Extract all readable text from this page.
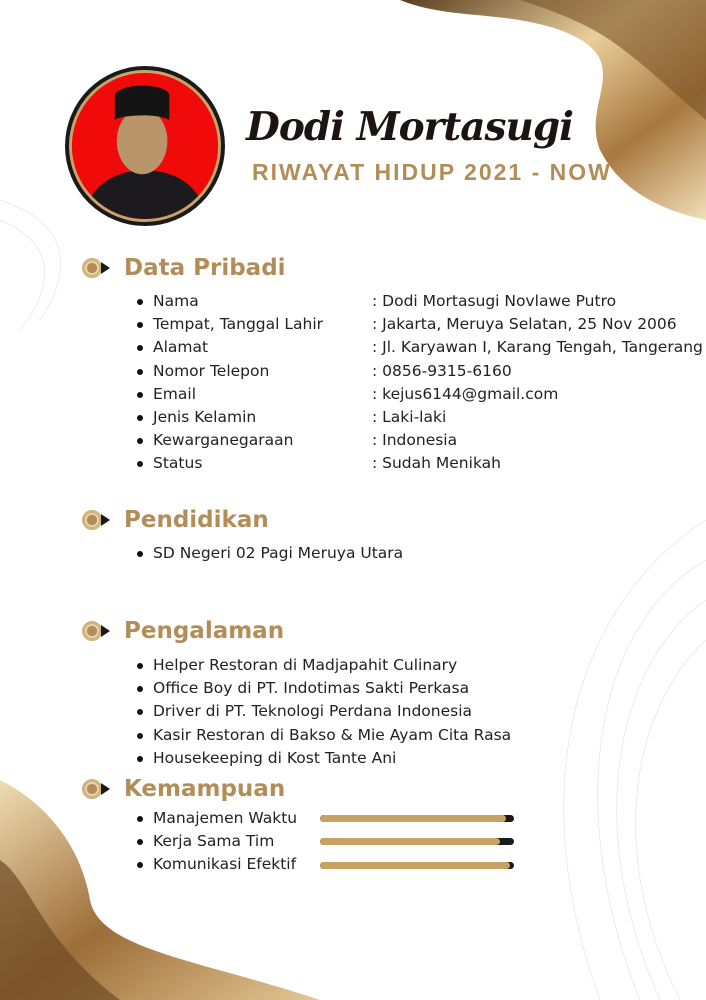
Dodi Mortasugi
RIWAYAT HIDUP 2021 - NOW
Data Pribadi
Nama	: Dodi Mortasugi Novlawe Putro
Tempat, Tanggal Lahir	: Jakarta, Meruya Selatan, 25 Nov 2006
Alamat	: Jl. Karyawan I, Karang Tengah, Tangerang
Nomor Telepon	: 0856-9315-6160
Email	: kejus6144@gmail.com
Jenis Kelamin	: Laki-laki
Kewarganegaraan	: Indonesia
Status	: Sudah Menikah
Pendidikan
SD Negeri 02 Pagi Meruya Utara
Pengalaman
Helper Restoran di Madjapahit Culinary
Office Boy di PT. Indotimas Sakti Perkasa
Driver di PT. Teknologi Perdana Indonesia
Kasir Restoran di Bakso & Mie Ayam Cita Rasa
Housekeeping di Kost Tante Ani
Kemampuan
Manajemen Waktu
Kerja Sama Tim
Komunikasi Efektif
